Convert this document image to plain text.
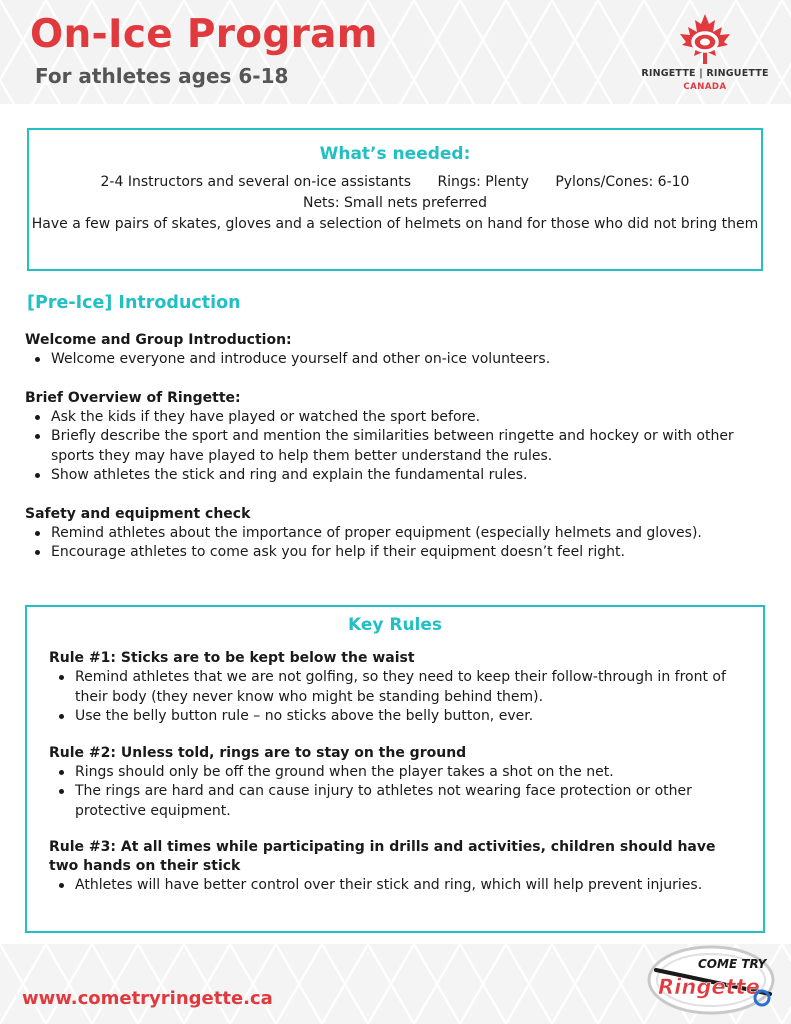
On-Ice Program
For athletes ages 6-18	RINGETTE | RINGUETTE
CANADA
What’s needed:
2-4 Instructors and several on-ice assistants Rings: Plenty Pylons/Cones: 6-10
Nets: Small nets preferred
Have a few pairs of skates, gloves and a selection of helmets on hand for those who did not bring them
[Pre-Ice] Introduction
Welcome and Group Introduction:
Welcome everyone and introduce yourself and other on-ice volunteers.
Brief Overview of Ringette:
Ask the kids if they have played or watched the sport before.
Briefly describe the sport and mention the similarities between ringette and hockey or with other sports they may have played to help them better understand the rules.
Show athletes the stick and ring and explain the fundamental rules.
Safety and equipment check
Remind athletes about the importance of proper equipment (especially helmets and gloves).
Encourage athletes to come ask you for help if their equipment doesn’t feel right.
Key Rules
Rule #1: Sticks are to be kept below the waist
Remind athletes that we are not golfing, so they need to keep their follow-through in front of their body (they never know who might be standing behind them).
Use the belly button rule – no sticks above the belly button, ever.
Rule #2: Unless told, rings are to stay on the ground
Rings should only be off the ground when the player takes a shot on the net.
The rings are hard and can cause injury to athletes not wearing face protection or other protective equipment.
Rule #3: At all times while participating in drills and activities, children should have two hands on their stick
Athletes will have better control over their stick and ring, which will help prevent injuries.
www.cometryringette.ca
COME TRY
Ringette
